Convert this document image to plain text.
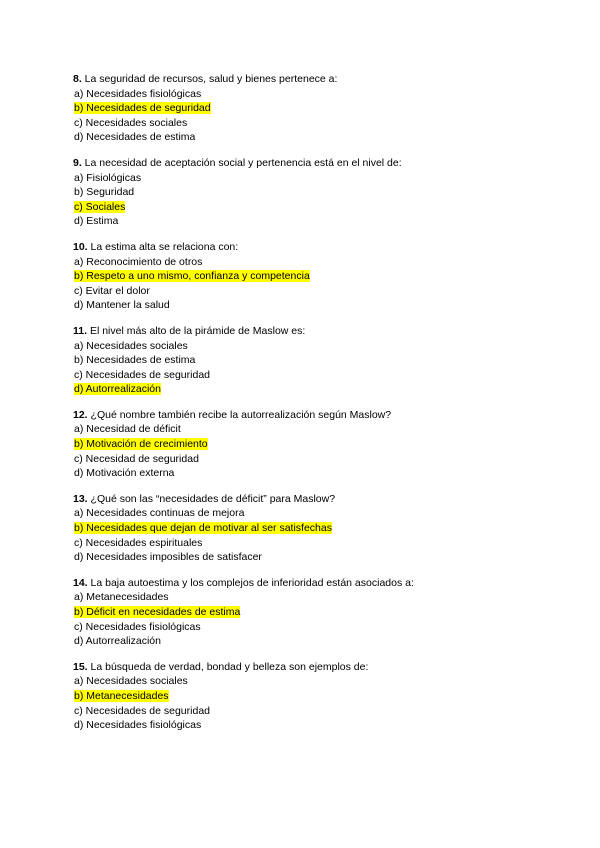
8. La seguridad de recursos, salud y bienes pertenece a:
a) Necesidades fisiológicas
b) Necesidades de seguridad
c) Necesidades sociales
d) Necesidades de estima
9. La necesidad de aceptación social y pertenencia está en el nivel de:
a) Fisiológicas
b) Seguridad
c) Sociales
d) Estima
10. La estima alta se relaciona con:
a) Reconocimiento de otros
b) Respeto a uno mismo, confianza y competencia
c) Evitar el dolor
d) Mantener la salud
11. El nivel más alto de la pirámide de Maslow es:
a) Necesidades sociales
b) Necesidades de estima
c) Necesidades de seguridad
d) Autorrealización
12. ¿Qué nombre también recibe la autorrealización según Maslow?
a) Necesidad de déficit
b) Motivación de crecimiento
c) Necesidad de seguridad
d) Motivación externa
13. ¿Qué son las “necesidades de déficit” para Maslow?
a) Necesidades continuas de mejora
b) Necesidades que dejan de motivar al ser satisfechas
c) Necesidades espirituales
d) Necesidades imposibles de satisfacer
14. La baja autoestima y los complejos de inferioridad están asociados a:
a) Metanecesidades
b) Déficit en necesidades de estima
c) Necesidades fisiológicas
d) Autorrealización
15. La búsqueda de verdad, bondad y belleza son ejemplos de:
a) Necesidades sociales
b) Metanecesidades
c) Necesidades de seguridad
d) Necesidades fisiológicas
